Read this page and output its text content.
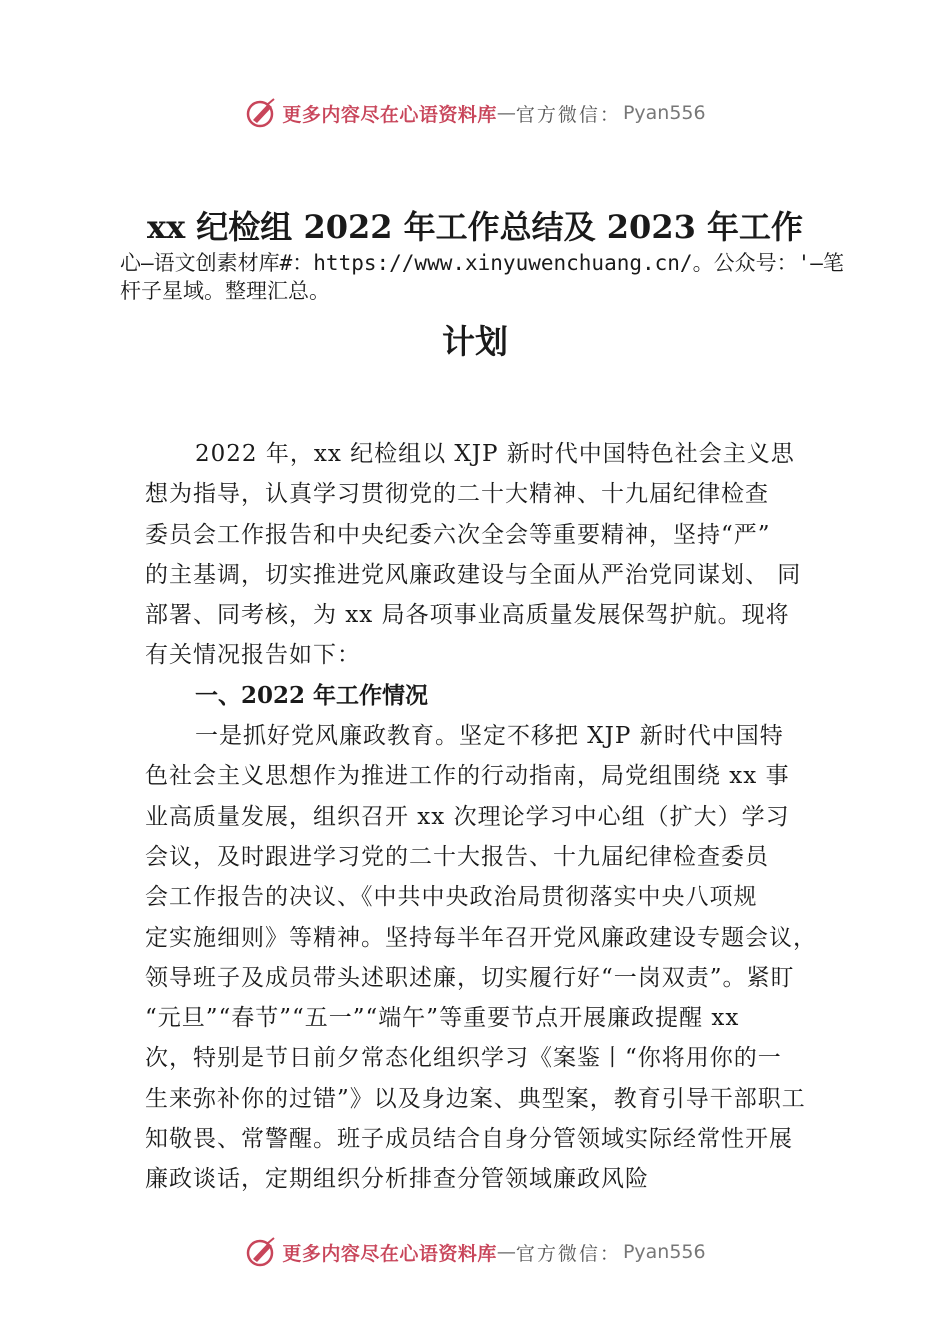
更多内容尽在心语资料库 — 官方微信： Pyan556
xx 纪检组 2022 年工作总结及 2023 年工作
心—语文创素材库#：https://www.xinyuwenchuang.cn/。公众号：'—笔杆子星域。整理汇总。
计划
2022 年，xx 纪检组以 XJP 新时代中国特色社会主义思
想为指导，认真学习贯彻党的二十大精神、十九届纪律检查
委员会工作报告和中央纪委六次全会等重要精神，坚持“严”
的主基调，切实推进党风廉政建设与全面从严治党同谋划、 同
部署、同考核，为 xx 局各项事业高质量发展保驾护航。现将
有关情况报告如下：
一、2022 年工作情况
一是抓好党风廉政教育。坚定不移把 XJP 新时代中国特
色社会主义思想作为推进工作的行动指南，局党组围绕 xx 事
业高质量发展，组织召开 xx 次理论学习中心组（扩大）学习
会议，及时跟进学习党的二十大报告、十九届纪律检查委员
会工作报告的决议、《中共中央政治局贯彻落实中央八项规
定实施细则》等精神。坚持每半年召开党风廉政建设专题会议，
领导班子及成员带头述职述廉，切实履行好“一岗双责”。紧盯
“元旦”“春节”“五一”“端午”等重要节点开展廉政提醒 xx
次，特别是节日前夕常态化组织学习《案鉴丨“你将用你的一
生来弥补你的过错”》以及身边案、典型案，教育引导干部职工
知敬畏、常警醒。班子成员结合自身分管领域实际经常性开展
廉政谈话，定期组织分析排查分管领域廉政风险
更多内容尽在心语资料库 — 官方微信： Pyan556
